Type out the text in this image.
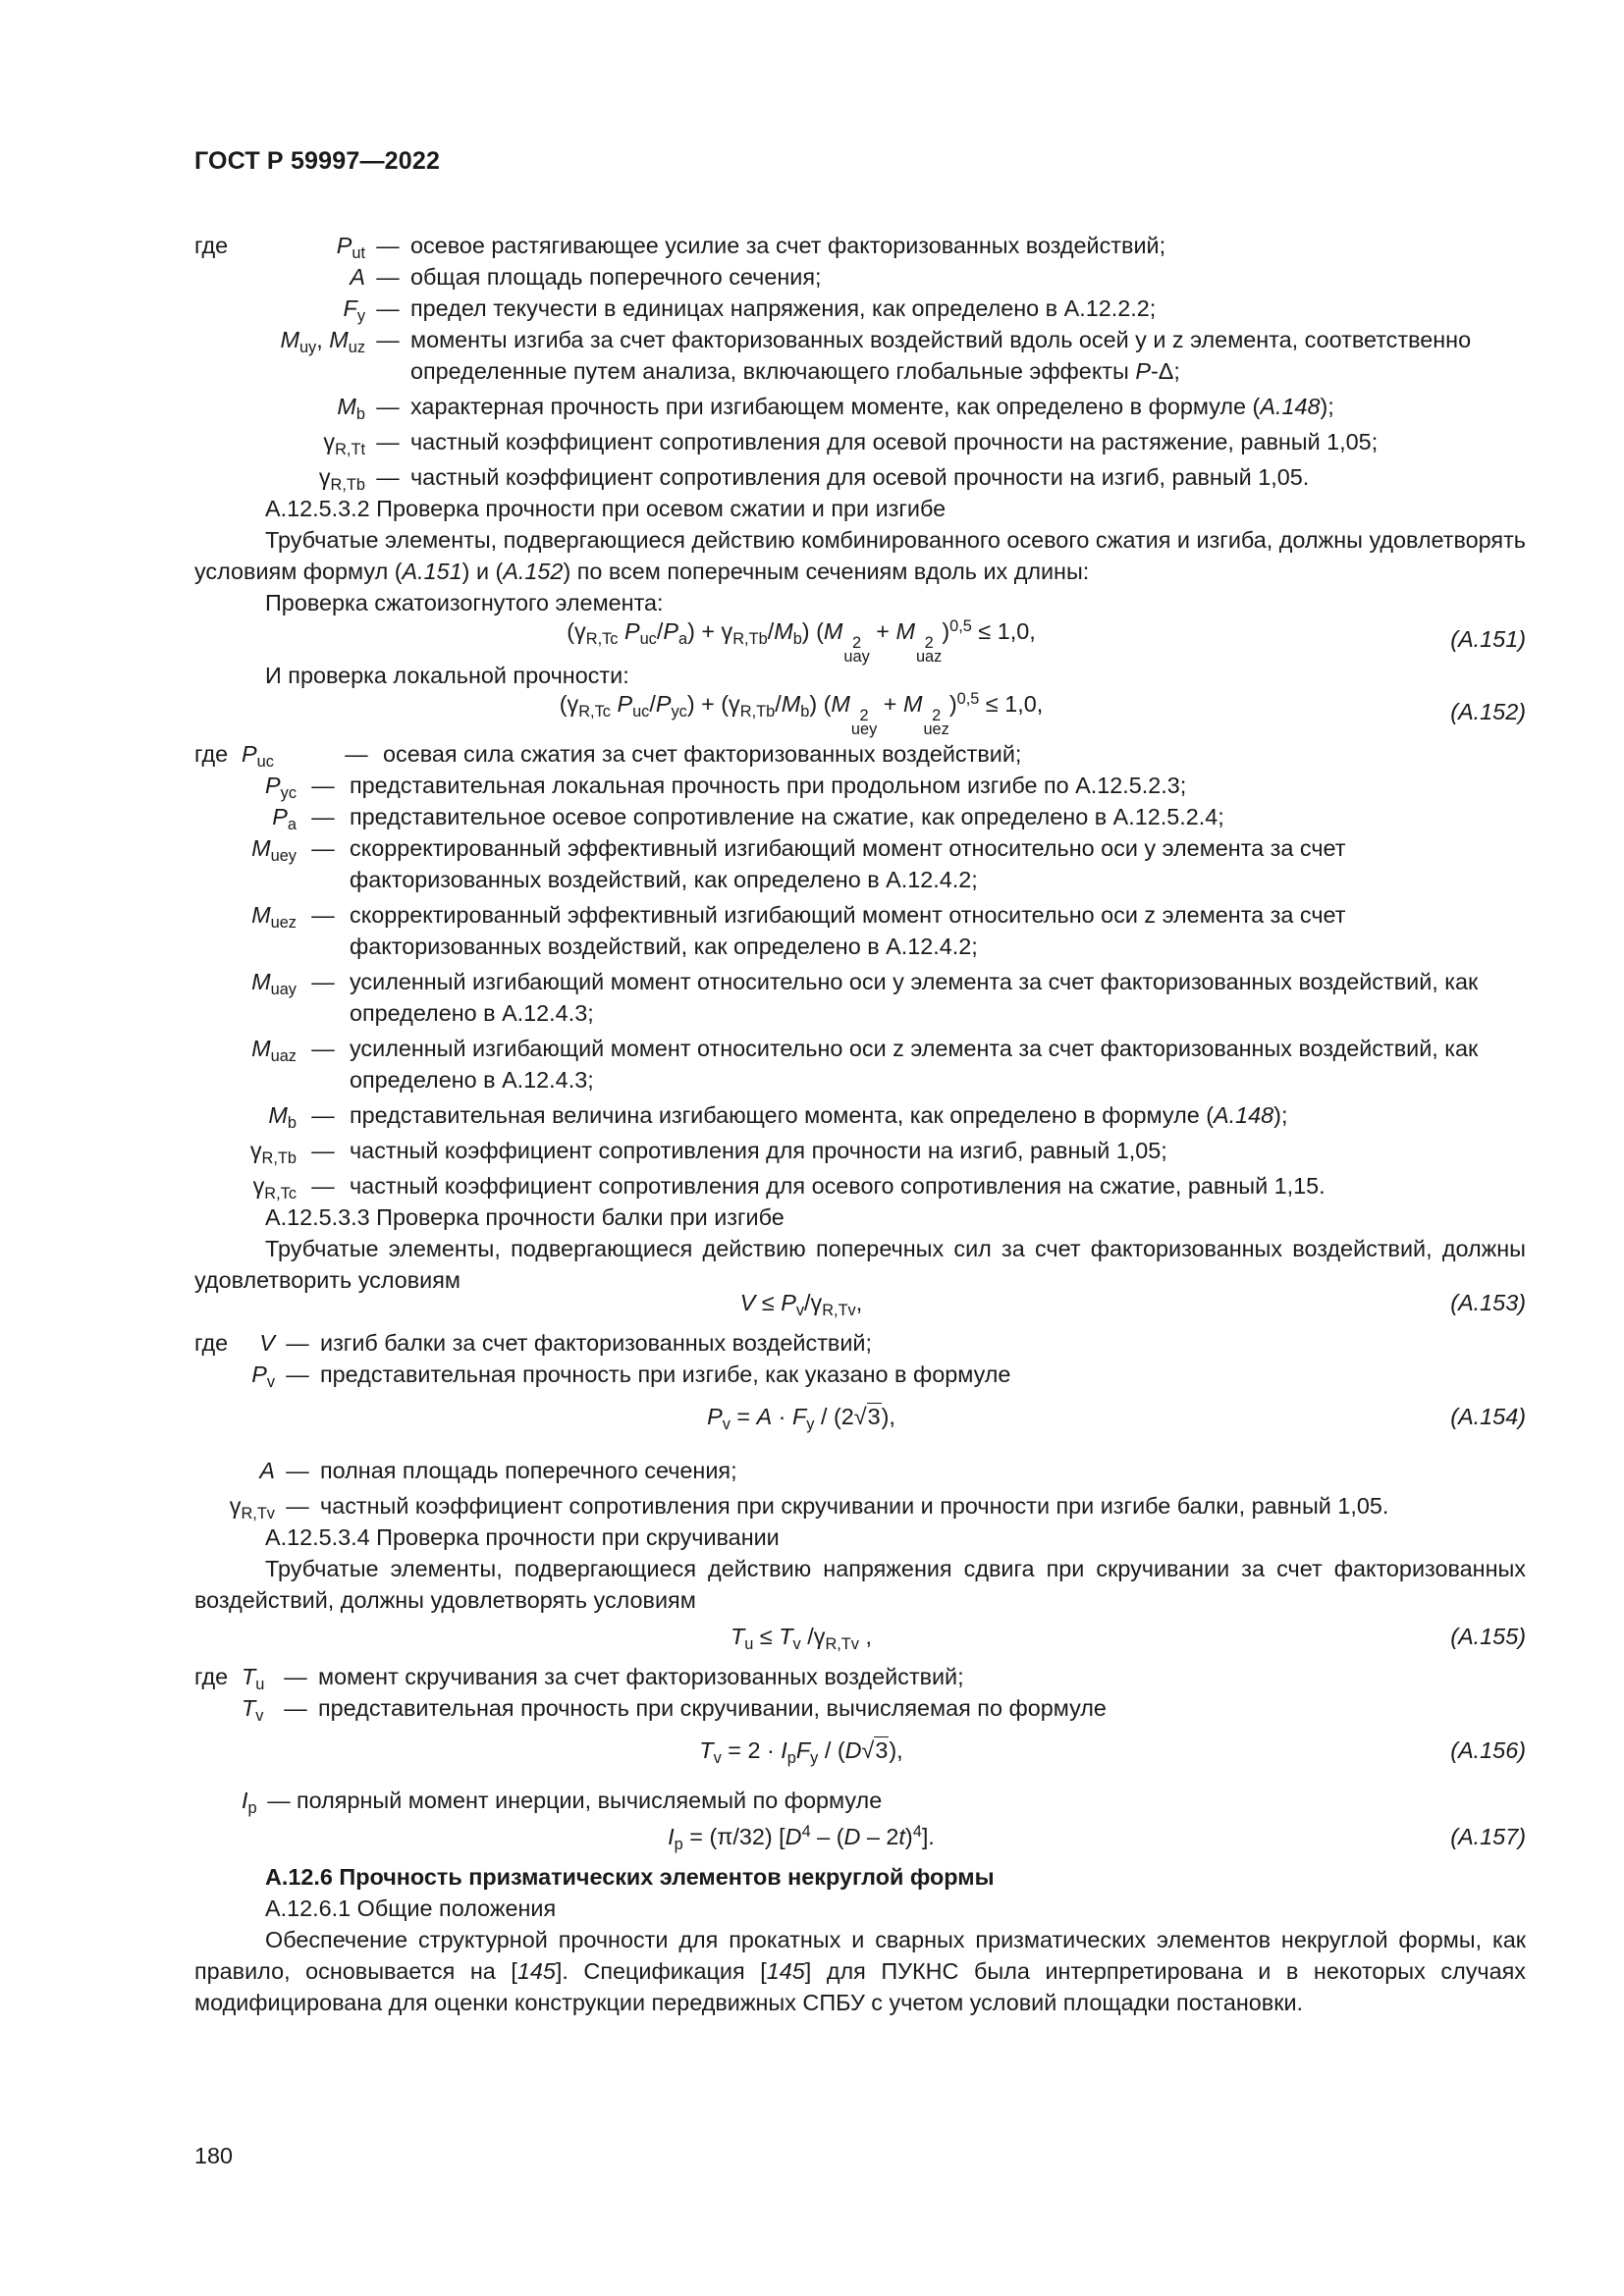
ГОСТ Р 59997—2022
где	$P_{ut}$ — осевое растягивающее усилие за счет факторизованных воздействий;
A — общая площадь поперечного сечения;
$F_y$ — предел текучести в единицах напряжения, как определено в А.12.2.2;
$M_{uy}$, $M_{uz}$ — моменты изгиба за счет факторизованных воздействий вдоль осей y и z элемента, соответственно определенные путем анализа, включающего глобальные эффекты P-Δ;
$M_b$ — характерная прочность при изгибающем моменте, как определено в формуле (А.148);
$\gamma_{R,Tt}$ — частный коэффициент сопротивления для осевой прочности на растяжение, равный 1,05;
$\gamma_{R,Tb}$ — частный коэффициент сопротивления для осевой прочности на изгиб, равный 1,05.

А.12.5.3.2 Проверка прочности при осевом сжатии и при изгибе

Трубчатые элементы, подвергающиеся действию комбинированного осевого сжатия и изгиба, должны удовлетворять условиям формул (А.151) и (А.152) по всем поперечным сечениям вдоль их длины:

Проверка сжатоизогнутого элемента:

($\gamma_{R,Tc}$ $P_{uc}/P_a) + \gamma_{R,Tb}/M_b$) (M 2
uay
+ M 2
uaz
)$^{0,5}$ ≤ 1,0,	(А.151)

И проверка локальной прочности:

($\gamma_{R,Tc}$ $P_{uc}/P_{yc}) + (\gamma_{R,Tb}/M_b)$ (M 2
uey
+ M 2
uez
)$^{0,5}$ ≤ 1,0,	(А.152)
где $P_{uc}$	— осевая сила сжатия за счет факторизованных воздействий;
$P_{yc}$ — представительная локальная прочность при продольном изгибе по А.12.5.2.3;
$P_a$ — представительное осевое сопротивление на сжатие, как определено в А.12.5.2.4;
$M_{uey}$ — скорректированный эффективный изгибающий момент относительно оси y элемента за счет факторизованных воздействий, как определено в А.12.4.2;
$M_{uez}$ — скорректированный эффективный изгибающий момент относительно оси z элемента за счет факторизованных воздействий, как определено в А.12.4.2;
$M_{uay}$ — усиленный изгибающий момент относительно оси y элемента за счет факторизованных воздействий, как определено в А.12.4.3;
$M_{uaz}$ — усиленный изгибающий момент относительно оси z элемента за счет факторизованных воздействий, как определено в А.12.4.3;
$M_b$ — представительная величина изгибающего момента, как определено в формуле (А.148);
$\gamma_{R,Tb}$ — частный коэффициент сопротивления для прочности на изгиб, равный 1,05;
$\gamma_{R,Tc}$ — частный коэффициент сопротивления для осевого сопротивления на сжатие, равный 1,15.

А.12.5.3.3 Проверка прочности балки при изгибе

Трубчатые элементы, подвергающиеся действию поперечных сил за счет факторизованных воздействий, должны удовлетворить условиям

$V \le P_v/\gamma_{R,Tv}$,	(А.153)
где	V — изгиб балки за счет факторизованных воздействий;
$P_v$ — представительная прочность при изгибе, как указано в формуле
$P_v = A \cdot F_y / (2√3)$,	(А.154)
A — полная площадь поперечного сечения;
$\gamma_{R,Tv}$ — частный коэффициент сопротивления при скручивании и прочности при изгибе балки, равный 1,05.

А.12.5.3.4 Проверка прочности при скручивании

Трубчатые элементы, подвергающиеся действию напряжения сдвига при скручивании за счет факторизованных воздействий, должны удовлетворять условиям

$T_u \le T_v$ $/\gamma_{R,Tv}$ ,	(А.155)
где $T_u$ — момент скручивания за счет факторизованных воздействий;
$T_v$ — представительная прочность при скручивании, вычисляемая по формуле
$T_v = 2 \cdot I_pF_y / (D√3)$,	(А.156)
$I_p$ — полярный момент инерции, вычисляемый по формуле
$I_p = (\pi/32)$ $[D^4 - (D - 2t)^4]$.	(А.157)

А.12.6 Прочность призматических элементов некруглой формы

А.12.6.1 Общие положения

Обеспечение структурной прочности для прокатных и сварных призматических элементов некруглой формы, как правило, основывается на [145]. Спецификация [145] для ПУКНС была интерпретирована и в некоторых случаях модифицирована для оценки конструкции передвижных СПБУ с учетом условий площадки постановки.

180
